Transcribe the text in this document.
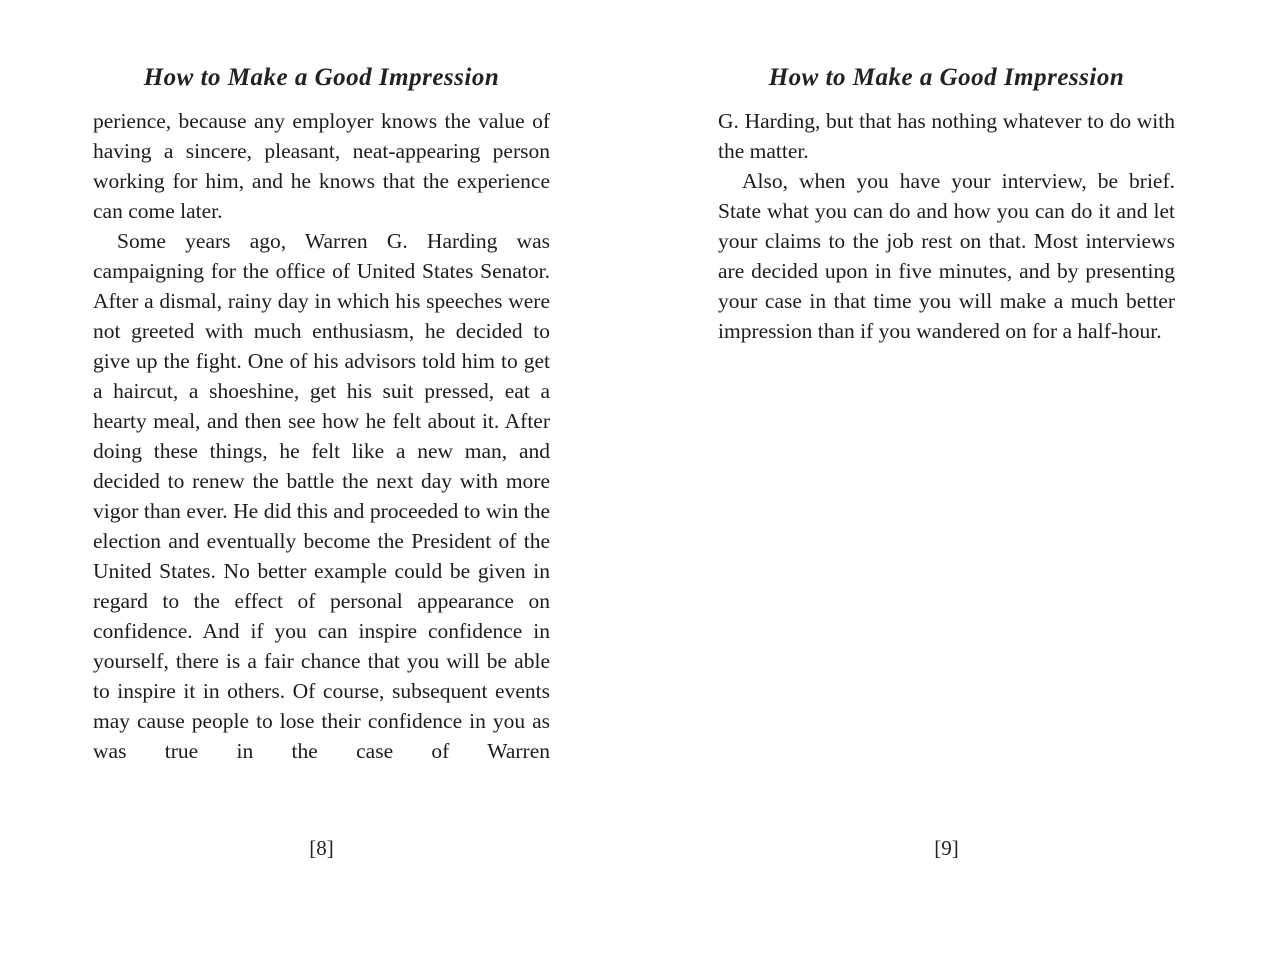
How to Make a Good Impression

perience, because any employer knows the value of having a sincere, pleasant, neat-appearing person working for him, and he knows that the experience can come later.

Some years ago, Warren G. Harding was campaigning for the office of United States Senator. After a dismal, rainy day in which his speeches were not greeted with much enthusiasm, he decided to give up the fight. One of his advisors told him to get a haircut, a shoeshine, get his suit pressed, eat a hearty meal, and then see how he felt about it. After doing these things, he felt like a new man, and decided to renew the battle the next day with more vigor than ever. He did this and proceeded to win the election and eventually become the President of the United States. No better example could be given in regard to the effect of personal appearance on confidence. And if you can inspire confidence in yourself, there is a fair chance that you will be able to inspire it in others. Of course, subsequent events may cause people to lose their confidence in you as was true in the case of Warren

[8]
How to Make a Good Impression

G. Harding, but that has nothing whatever to do with the matter.

Also, when you have your interview, be brief. State what you can do and how you can do it and let your claims to the job rest on that. Most interviews are decided upon in five minutes, and by presenting your case in that time you will make a much better impression than if you wandered on for a half-hour.

[9]
